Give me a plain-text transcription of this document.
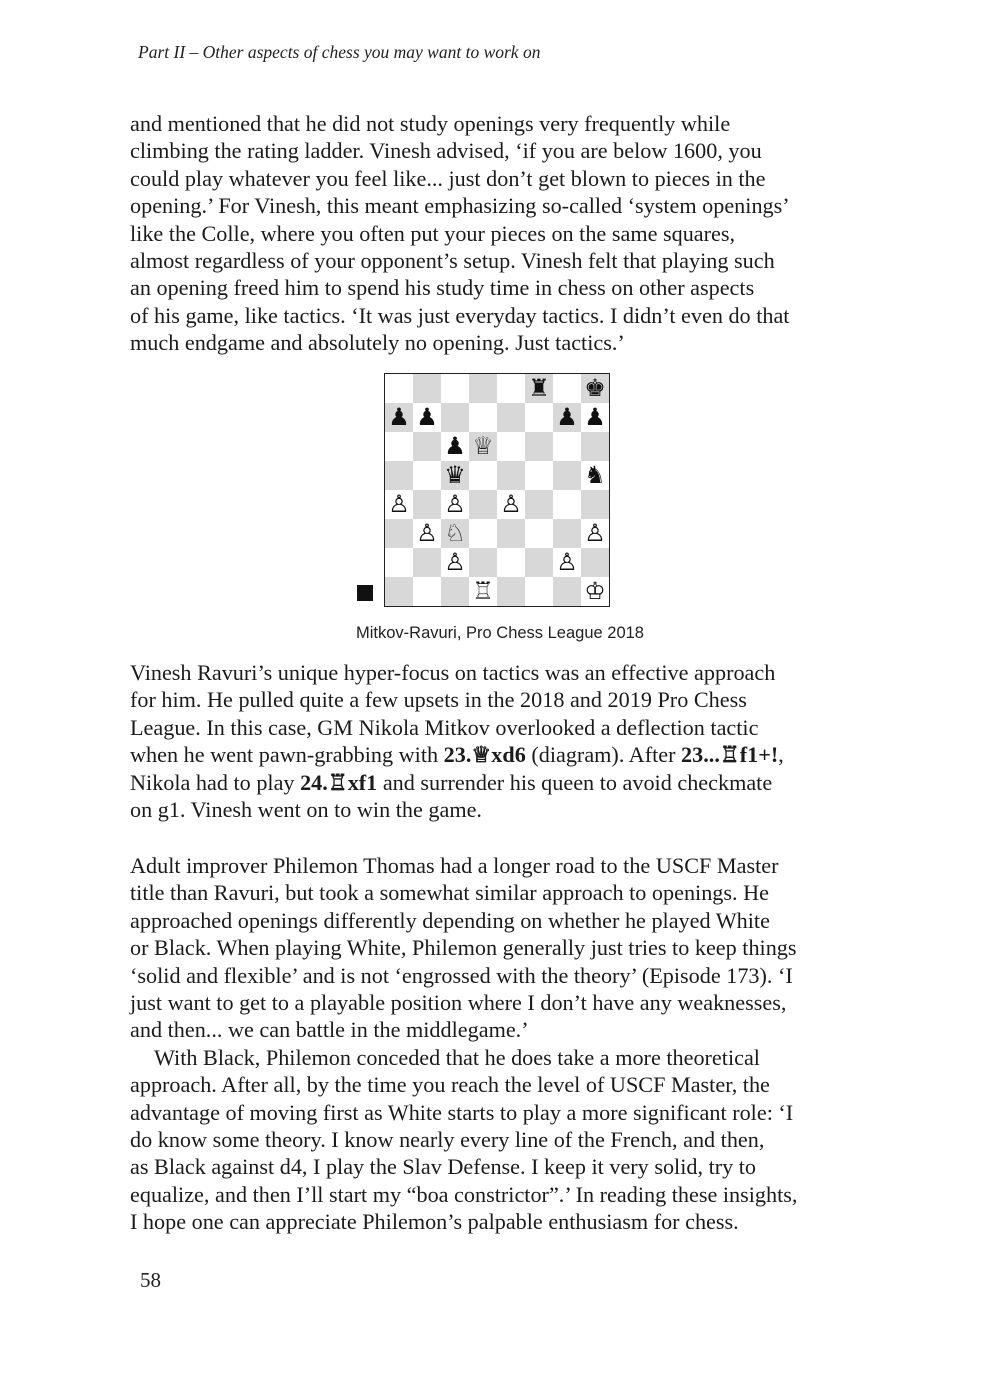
Part II – Other aspects of chess you may want to work on
and mentioned that he did not study openings very frequently while
climbing the rating ladder. Vinesh advised, ‘if you are below 1600, you
could play whatever you feel like... just don’t get blown to pieces in the
opening.’ For Vinesh, this meant emphasizing so-called ‘system openings’
like the Colle, where you often put your pieces on the same squares,
almost regardless of your opponent’s setup. Vinesh felt that playing such
an opening freed him to spend his study time in chess on other aspects
of his game, like tactics. ‘It was just everyday tactics. I didn’t even do that
much endgame and absolutely no opening. Just tactics.’
♜ ♚
♟ ♟	♟ ♟
♟ ♕
♛	♞
♙ ♙ ♙
♙ ♘	♙
♙	♙
♖	♔
Mitkov-Ravuri, Pro Chess League 2018
Vinesh Ravuri’s unique hyper-focus on tactics was an effective approach
for him. He pulled quite a few upsets in the 2018 and 2019 Pro Chess
League. In this case, GM Nikola Mitkov overlooked a deflection tactic
when he went pawn-grabbing with 23.♕xd6 (diagram). After 23...♖f1+!,
Nikola had to play 24.♖xf1 and surrender his queen to avoid checkmate
on g1. Vinesh went on to win the game.
Adult improver Philemon Thomas had a longer road to the USCF Master
title than Ravuri, but took a somewhat similar approach to openings. He
approached openings differently depending on whether he played White
or Black. When playing White, Philemon generally just tries to keep things
‘solid and flexible’ and is not ‘engrossed with the theory’ (Episode 173). ‘I
just want to get to a playable position where I don’t have any weaknesses,
and then... we can battle in the middlegame.’
With Black, Philemon conceded that he does take a more theoretical
approach. After all, by the time you reach the level of USCF Master, the
advantage of moving first as White starts to play a more significant role: ‘I
do know some theory. I know nearly every line of the French, and then,
as Black against d4, I play the Slav Defense. I keep it very solid, try to
equalize, and then I’ll start my “boa constrictor”.’ In reading these insights,
I hope one can appreciate Philemon’s palpable enthusiasm for chess.
58
